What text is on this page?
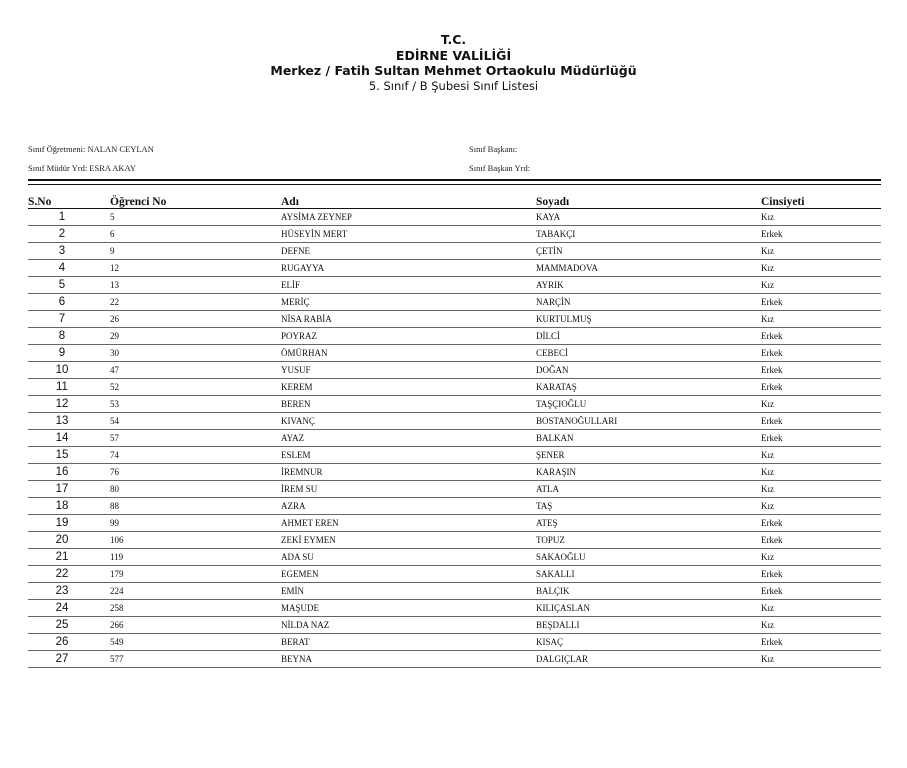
T.C.
EDİRNE VALİLİĞİ
Merkez / Fatih Sultan Mehmet Ortaokulu Müdürlüğü
5. Sınıf / B Şubesi Sınıf Listesi
Sınıf Öğretmeni: NALAN CEYLAN
Sınıf Müdür Yrd: ESRA AKAY
Sınıf Başkanı:
Sınıf Başkan Yrd:
S.No	Öğrenci No	Adı	Soyadı	Cinsiyeti
1	5	AYSİMA ZEYNEP	KAYA	Kız
2	6	HÜSEYİN MERT	TABAKÇI	Erkek
3	9	DEFNE	ÇETİN	Kız
4	12	RUGAYYA	MAMMADOVA	Kız
5	13	ELİF	AYRIK	Kız
6	22	MERİÇ	NARÇİN	Erkek
7	26	NİSA RABİA	KURTULMUŞ	Kız
8	29	POYRAZ	DİLCİ	Erkek
9	30	ÖMÜRHAN	CEBECİ	Erkek
10	47	YUSUF	DOĞAN	Erkek
11	52	KEREM	KARATAŞ	Erkek
12	53	BEREN	TAŞÇIOĞLU	Kız
13	54	KIVANÇ	BOSTANOĞULLARI	Erkek
14	57	AYAZ	BALKAN	Erkek
15	74	ESLEM	ŞENER	Kız
16	76	İREMNUR	KARAŞIN	Kız
17	80	İREM SU	ATLA	Kız
18	88	AZRA	TAŞ	Kız
19	99	AHMET EREN	ATEŞ	Erkek
20	106	ZEKİ EYMEN	TOPUZ	Erkek
21	119	ADA SU	SAKAOĞLU	Kız
22	179	EGEMEN	SAKALLI	Erkek
23	224	EMİN	BALÇIK	Erkek
24	258	MAŞUDE	KILIÇASLAN	Kız
25	266	NİLDA NAZ	BEŞDALLI	Kız
26	549	BERAT	KISAÇ	Erkek
27	577	BEYNA	DALGIÇLAR	Kız
